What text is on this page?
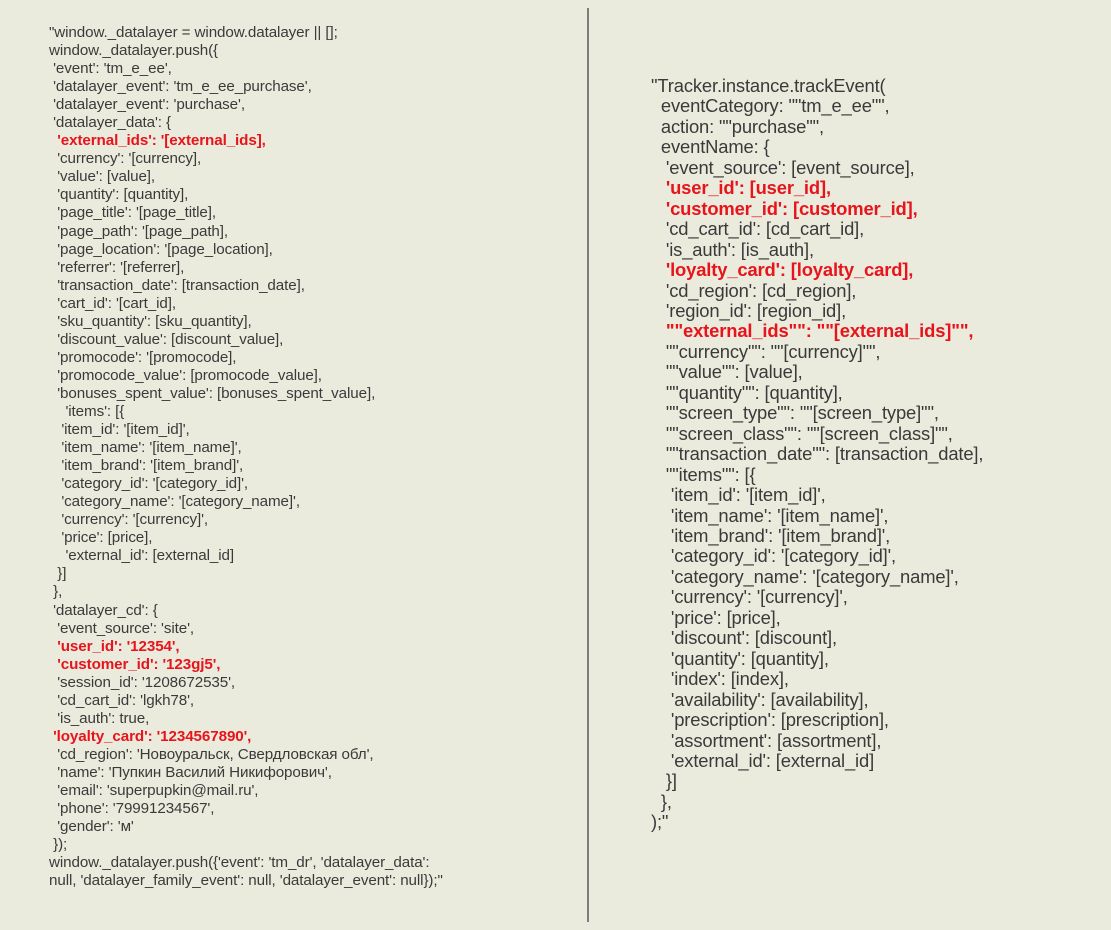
"window._datalayer = window.datalayer || [];
window._datalayer.push({
'event': 'tm_e_ee',
'datalayer_event': 'tm_e_ee_purchase',
'datalayer_event': 'purchase',
'datalayer_data': {
'external_ids': '[external_ids],
'currency': '[currency],
'value': [value],
'quantity': [quantity],
'page_title': '[page_title],
'page_path': '[page_path],
'page_location': '[page_location],
'referrer': '[referrer],
'transaction_date': [transaction_date],
'cart_id': '[cart_id],
'sku_quantity': [sku_quantity],
'discount_value': [discount_value],
'promocode': '[promocode],
'promocode_value': [promocode_value],
'bonuses_spent_value': [bonuses_spent_value],
'items': [{
'item_id': '[item_id]',
'item_name': '[item_name]',
'item_brand': '[item_brand]',
'category_id': '[category_id]',
'category_name': '[category_name]',
'currency': '[currency]',
'price': [price],
'external_id': [external_id]
}]
},
'datalayer_cd': {
'event_source': 'site',
'user_id': '12354',
'customer_id': '123gj5',
'session_id': '1208672535',
'cd_cart_id': 'lgkh78',
'is_auth': true,
'loyalty_card': '1234567890',
'cd_region': 'Новоуральск, Свердловская обл',
'name': 'Пупкин Василий Никифорович',
'email': 'superpupkin@mail.ru',
'phone': '79991234567',
'gender': 'м'
});
window._datalayer.push({'event': 'tm_dr', 'datalayer_data':
null, 'datalayer_family_event': null, 'datalayer_event': null});"
"Tracker.instance.trackEvent(
eventCategory: ""tm_e_ee"",
action: ""purchase"",
eventName: {
'event_source': [event_source],
'user_id': [user_id],
'customer_id': [customer_id],
'cd_cart_id': [cd_cart_id],
'is_auth': [is_auth],
'loyalty_card': [loyalty_card],
'cd_region': [cd_region],
'region_id': [region_id],
""external_ids"": ""[external_ids]"",
""currency"": ""[currency]"",
""value"": [value],
""quantity"": [quantity],
""screen_type"": ""[screen_type]"",
""screen_class"": ""[screen_class]"",
""transaction_date"": [transaction_date],
""items"": [{
'item_id': '[item_id]',
'item_name': '[item_name]',
'item_brand': '[item_brand]',
'category_id': '[category_id]',
'category_name': '[category_name]',
'currency': '[currency]',
'price': [price],
'discount': [discount],
'quantity': [quantity],
'index': [index],
'availability': [availability],
'prescription': [prescription],
'assortment': [assortment],
'external_id': [external_id]
}]
},
);"
